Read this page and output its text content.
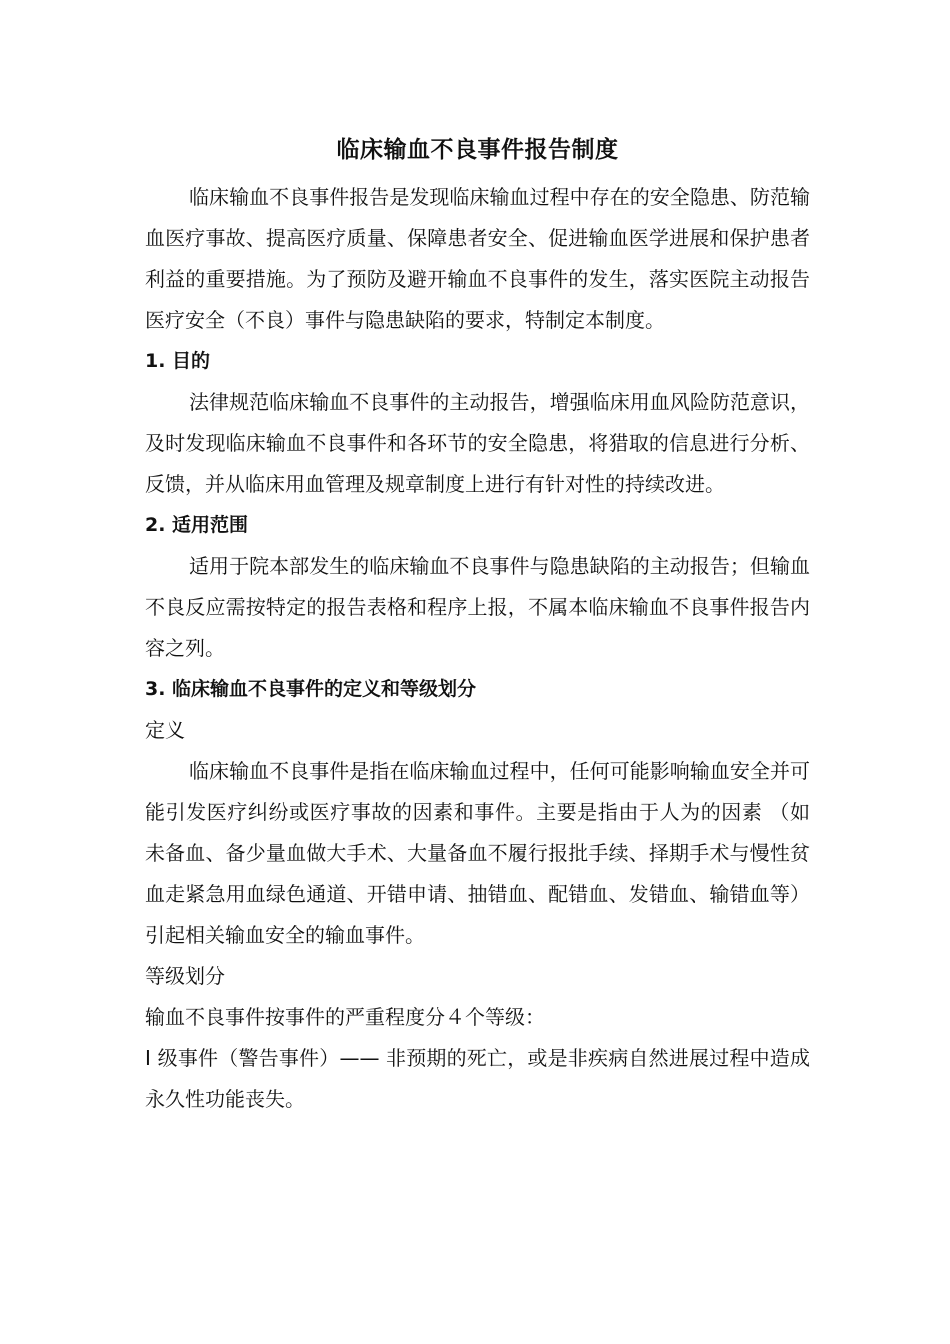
临床输血不良事件报告制度

临床输血不良事件报告是发现临床输血过程中存在的安全隐患、防范输血医疗事故、提高医疗质量、保障患者安全、促进输血医学进展和保护患者利益的重要措施。为了预防及避开输血不良事件的发生，落实医院主动报告医疗安全（不良）事件与隐患缺陷的要求，特制定本制度。

1. 目的

法律规范临床输血不良事件的主动报告，增强临床用血风险防范意识，及时发现临床输血不良事件和各环节的安全隐患，将猎取的信息进行分析、反馈，并从临床用血管理及规章制度上进行有针对性的持续改进。

2. 适用范围

适用于院本部发生的临床输血不良事件与隐患缺陷的主动报告；但输血不良反应需按特定的报告表格和程序上报，不属本临床输血不良事件报告内容之列。

3. 临床输血不良事件的定义和等级划分

定义

临床输血不良事件是指在临床输血过程中，任何可能影响输血安全并可能引发医疗纠纷或医疗事故的因素和事件。主要是指由于人为的因素 （如未备血、备少量血做大手术、大量备血不履行报批手续、择期手术与慢性贫血走紧急用血绿色通道、开错申请、抽错血、配错血、发错血、输错血等）引起相关输血安全的输血事件。

等级划分

输血不良事件按事件的严重程度分４个等级：

Ⅰ 级事件（警告事件）—— 非预期的死亡，或是非疾病自然进展过程中造成永久性功能丧失。
